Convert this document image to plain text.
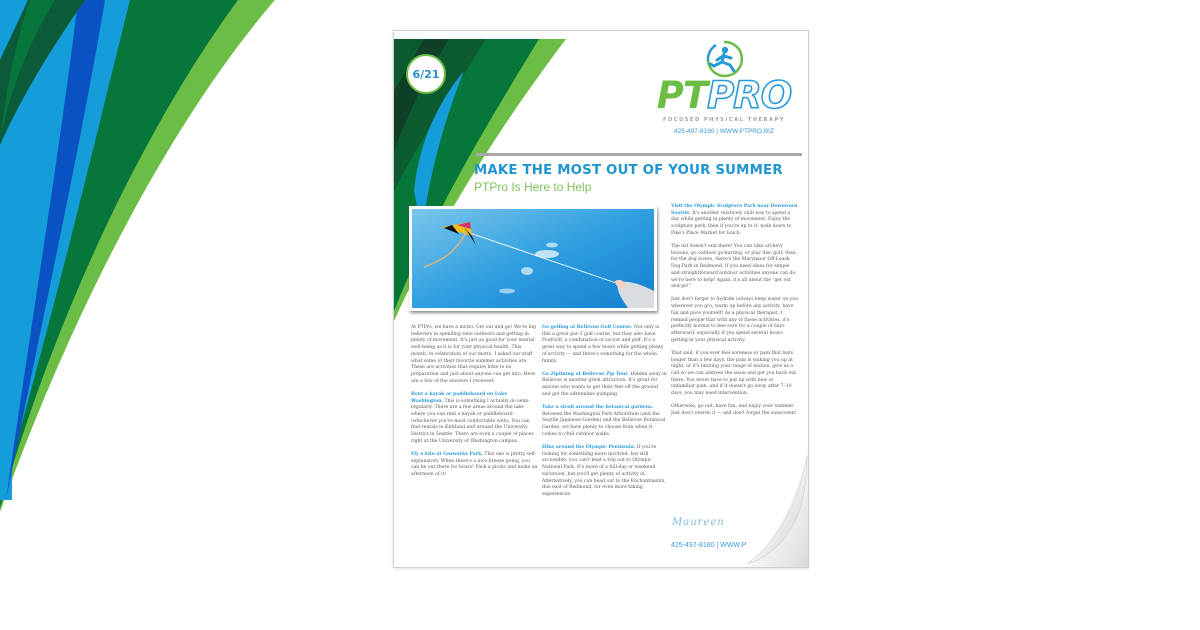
6/21	PTPRO
FOCUSED PHYSICAL THERAPY
425-497-8180 | WWW.PTPRO.BIZ
MAKE THE MOST OUT OF YOUR SUMMER
PTPro Is Here to Help

At PTPro, we have a motto: Get out and go! We're big believers in spending time outdoors and getting in plenty of movement. It's just as good for your mental well-being as it is for your physical health. This month, in celebration of our motto, I asked our staff what some of their favorite summer activities are. These are activities that require little to no preparation and just about anyone can get into. Here are a few of the answers I received:

Rent a kayak or paddleboard on Lake Washington. This is something I actually do semi-regularly. There are a few areas around the lake where you can rent a kayak or paddleboard (whichever you're most comfortable with). You can find rentals in Kirkland and around the University District in Seattle. There are even a couple of places right at the University of Washington campus.

Fly a kite at Gasworks Park. This one is pretty self-explanatory. When there's a nice breeze going, you can be out there for hours! Pack a picnic and make an afternoon of it!

Go golfing at Bellevue Golf Course. Not only is this a great par-3 golf course, but they also have FootGolf, a combination of soccer and golf. It's a great way to spend a few hours while getting plenty of activity — and there's something for the whole family.

Go Ziplining at Bellevue Zip Tour. Hidden away in Bellevue is another great attraction. It's great for anyone who wants to get their feet off the ground and get the adrenaline pumping.

Take a stroll around the botanical gardens. Between the Washington Park Arboretum (and the Seattle Japanese Garden) and the Bellevue Botanical Garden, we have plenty to choose from when it comes to chill outdoor walks.

Hike around the Olympic Peninsula. If you're looking for something more involved, but still accessible, you can't beat a trip out to Olympic National Park. It's more of a full-day or weekend excursion, but you'll get plenty of activity in. Alternatively, you can head out to the Enchantments, due east of Redmond, for even more hiking experiences.

Visit the Olympic Sculpture Park near Downtown Seattle. It's another relatively chill way to spend a day while getting in plenty of movement. Enjoy the sculpture park, then if you're up to it, walk down to Pike's Place Market for lunch.

The list doesn't end there! You can take archery lessons, go outdoor go-karting, or play disc golf; then, for the dog lovers, there's the Marymoor Off-Leash Dog Park in Redmond. If you need ideas for simple and straightforward outdoor activities anyone can do, we're here to help! Again, it's all about the "get out and go!"

Just don't forget to hydrate (always keep water on you wherever you go), warm up before any activity, have fun and pace yourself! As a physical therapist, I remind people that with any of these activities, it's perfectly normal to feel sore for a couple of days afterward, especially if you spend several hours getting in your physical activity.

That said, if you ever feel soreness or pain that lasts longer than a few days, the pain is waking you up at night, or it's limiting your range of motion, give us a call so we can address the issue and get you back out there. You never have to put up with new or unfamiliar pain, and if it doesn't go away after 7–10 days, you may need intervention.

Otherwise, go out, have fun, and enjoy your summer. Just don't overdo it — and don't forget the sunscreen!

Maureen
425-497-8180 | WWW.P
